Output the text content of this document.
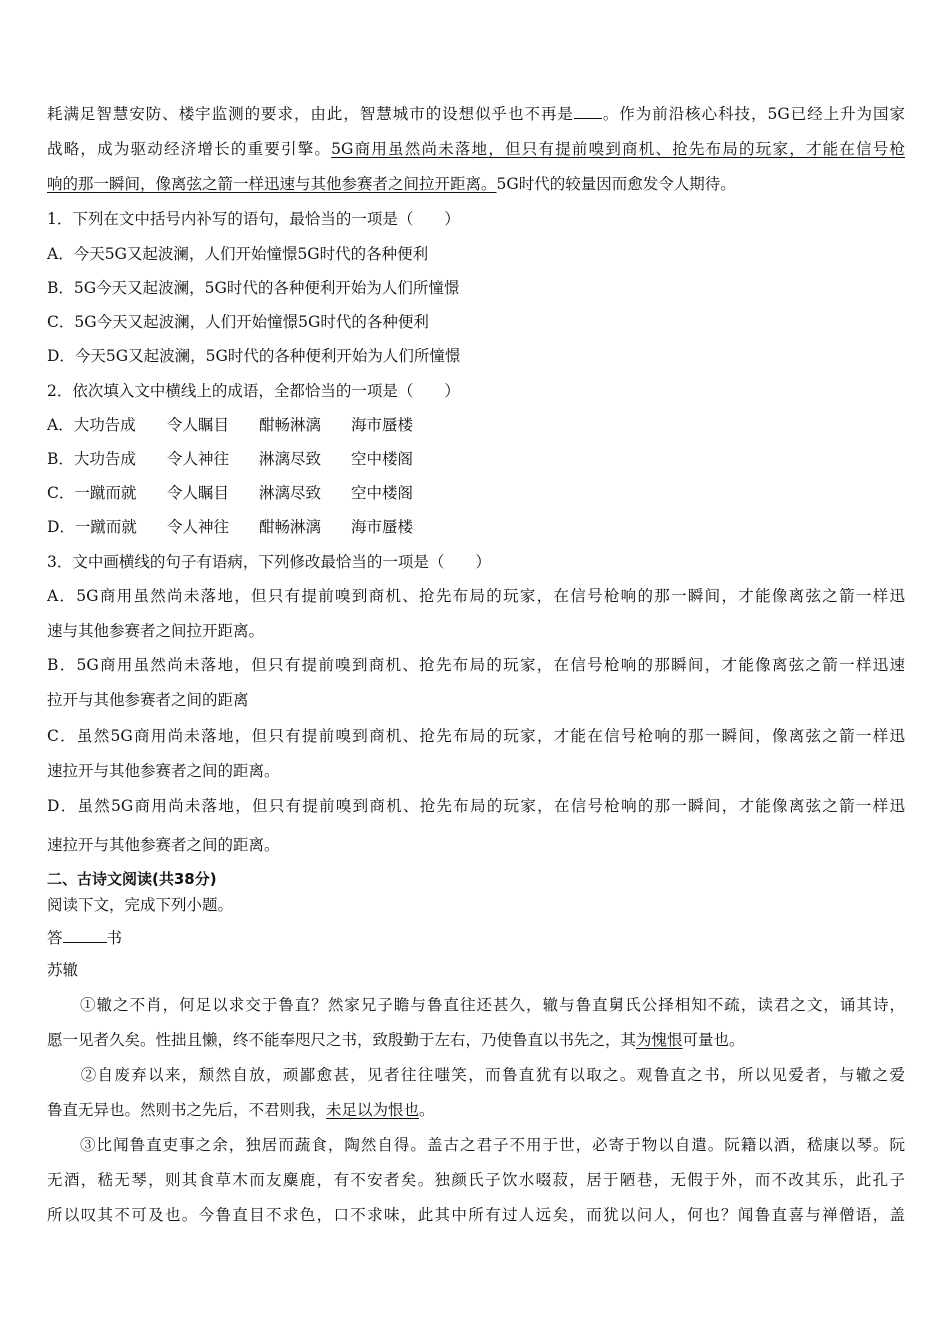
耗满足智慧安防、楼宇监测的要求，由此，智慧城市的设想似乎也不再是 。作为前沿核心科技，5G已经上升为国家
战略，成为驱动经济增长的重要引擎。5G商用虽然尚未落地，但只有提前嗅到商机、抢先布局的玩家，才能在信号枪
响的那一瞬间，像离弦之箭一样迅速与其他参赛者之间拉开距离。5G时代的较量因而愈发令人期待。
1．下列在文中括号内补写的语句，最恰当的一项是（　　）
A．今天5G又起波澜，人们开始憧憬5G时代的各种便利
B．5G今天又起波澜，5G时代的各种便利开始为人们所憧憬
C．5G今天又起波澜，人们开始憧憬5G时代的各种便利
D．今天5G又起波澜，5G时代的各种便利开始为人们所憧憬
2．依次填入文中横线上的成语，全都恰当的一项是（　　）
A．大功告成 令人瞩目 酣畅淋漓 海市蜃楼
B．大功告成 令人神往 淋漓尽致 空中楼阁
C．一蹴而就 令人瞩目 淋漓尽致 空中楼阁
D．一蹴而就 令人神往 酣畅淋漓 海市蜃楼
3．文中画横线的句子有语病，下列修改最恰当的一项是（　　）
A．5G商用虽然尚未落地，但只有提前嗅到商机、抢先布局的玩家，在信号枪响的那一瞬间，才能像离弦之箭一样迅
速与其他参赛者之间拉开距离。
B．5G商用虽然尚未落地，但只有提前嗅到商机、抢先布局的玩家，在信号枪响的那瞬间，才能像离弦之箭一样迅速
拉开与其他参赛者之间的距离
C．虽然5G商用尚未落地，但只有提前嗅到商机、抢先布局的玩家，才能在信号枪响的那一瞬间，像离弦之箭一样迅
速拉开与其他参赛者之间的距离。
D．虽然5G商用尚未落地，但只有提前嗅到商机、抢先布局的玩家，在信号枪响的那一瞬间，才能像离弦之箭一样迅
速拉开与其他参赛者之间的距离。
二、古诗文阅读(共38分)
阅读下文，完成下列小题。
答	书
苏辙
　　①辙之不肖，何足以求交于鲁直？然家兄子瞻与鲁直往还甚久，辙与鲁直舅氏公择相知不疏，读君之文，诵其诗，
愿一见者久矣。性拙且懒，终不能奉咫尺之书，致殷勤于左右，乃使鲁直以书先之，其为愧恨可量也。
　　②自废弃以来，颓然自放，顽鄙愈甚，见者往往嗤笑，而鲁直犹有以取之。观鲁直之书，所以见爱者，与辙之爱
鲁直无异也。然则书之先后，不君则我，未足以为恨也。
　　③比闻鲁直吏事之余，独居而蔬食，陶然自得。盖古之君子不用于世，必寄于物以自遣。阮籍以酒，嵇康以琴。阮
无酒，嵇无琴，则其食草木而友麋鹿，有不安者矣。独颜氏子饮水啜菽，居于陋巷，无假于外，而不改其乐，此孔子
所以叹其不可及也。今鲁直目不求色，口不求味，此其中所有过人远矣，而犹以问人，何也？闻鲁直喜与禅僧语，盖
